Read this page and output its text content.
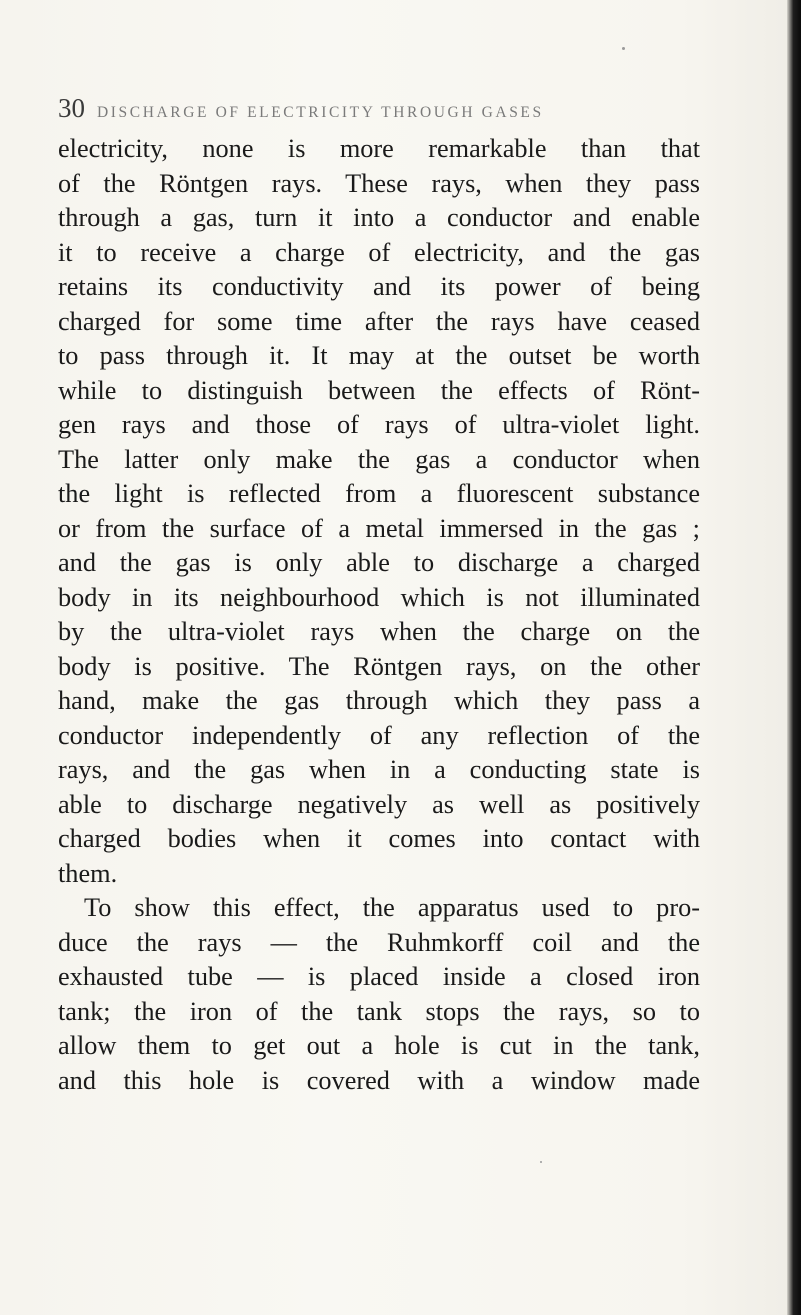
30 DISCHARGE OF ELECTRICITY THROUGH GASES
electricity, none is more remarkable than that
of the Röntgen rays. These rays, when they pass
through a gas, turn it into a conductor and enable
it to receive a charge of electricity, and the gas
retains its conductivity and its power of being
charged for some time after the rays have ceased
to pass through it. It may at the outset be worth
while to distinguish between the effects of Rönt-
gen rays and those of rays of ultra-violet light.
The latter only make the gas a conductor when
the light is reflected from a fluorescent substance
or from the surface of a metal immersed in the gas ;
and the gas is only able to discharge a charged
body in its neighbourhood which is not illuminated
by the ultra-violet rays when the charge on the
body is positive. The Röntgen rays, on the other
hand, make the gas through which they pass a
conductor independently of any reflection of the
rays, and the gas when in a conducting state is
able to discharge negatively as well as positively
charged bodies when it comes into contact with
them.
To show this effect, the apparatus used to pro-
duce the rays — the Ruhmkorff coil and the
exhausted tube — is placed inside a closed iron
tank; the iron of the tank stops the rays, so to
allow them to get out a hole is cut in the tank,
and this hole is covered with a window made
